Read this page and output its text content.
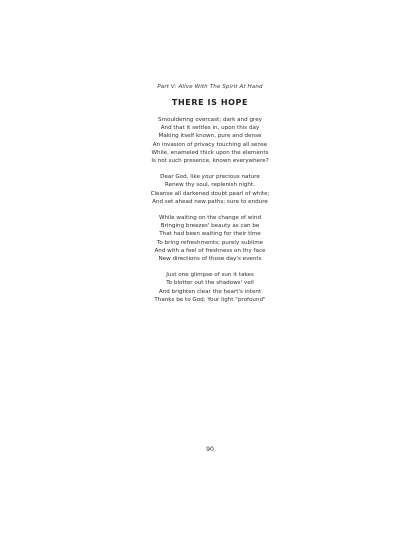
Part V: Alive With The Spirit At Hand
THERE IS HOPE
Smouldering overcast; dark and grey
And that it settles in, upon this day
Making itself known, pure and dense
An invasion of privacy touching all sense
While, enameled thick upon the elements
Is not such presence, known everywhere?
Dear God, like your precious nature
Renew thy soul, replenish night.
Cleanse all darkened doubt pearl of white;
And set ahead new paths; sure to endure
While waiting on the change of wind
Bringing breezes' beauty as can be
That had been waiting for their time
To bring refreshments; purely sublime
And with a feel of freshness on thy face
New directions of those day's events
Just one glimpse of sun it takes
To blotter out the shadows' veil
And brighten clear the heart's intent
Thanks be to God; Your light "profound"
90
